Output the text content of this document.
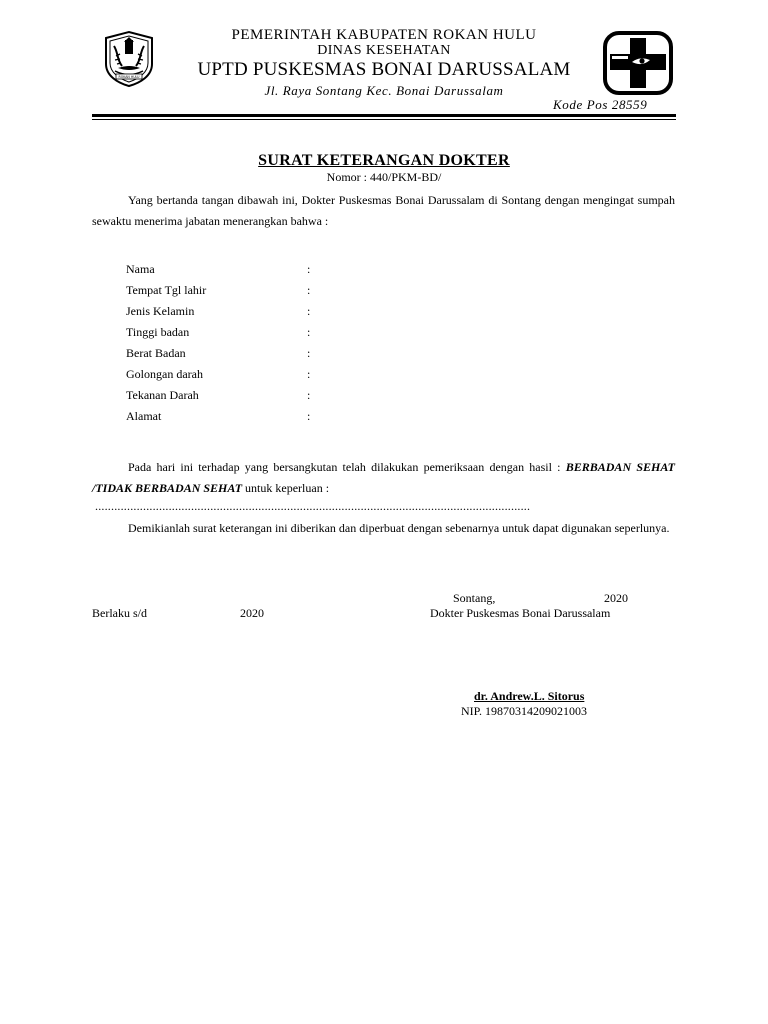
ROKAN HULU
PEMERINTAH KABUPATEN ROKAN HULU
DINAS KESEHATAN
UPTD PUSKESMAS BONAI DARUSSALAM
Jl. Raya Sontang Kec. Bonai Darussalam
Kode Pos 28559
SURAT KETERANGAN DOKTER
Nomor : 440/PKM-BD/
Yang bertanda tangan dibawah ini, Dokter Puskesmas Bonai Darussalam di Sontang dengan mengingat sumpah sewaktu menerima jabatan menerangkan bahwa :
Nama	:
Tempat Tgl lahir	:
Jenis Kelamin	:
Tinggi badan	:
Berat Badan	:
Golongan darah	:
Tekanan Darah	:
Alamat	:
Pada hari ini terhadap yang bersangkutan telah dilakukan pemeriksaan dengan hasil : BERBADAN SEHAT /TIDAK BERBADAN SEHAT untuk keperluan :
........................................................................................................................................
Demikianlah surat keterangan ini diberikan dan diperbuat dengan sebenarnya untuk dapat digunakan seperlunya.
Sontang,	2020
Berlaku s/d	2020	Dokter Puskesmas Bonai Darussalam
dr. Andrew.L. Sitorus
NIP. 19870314209021003
